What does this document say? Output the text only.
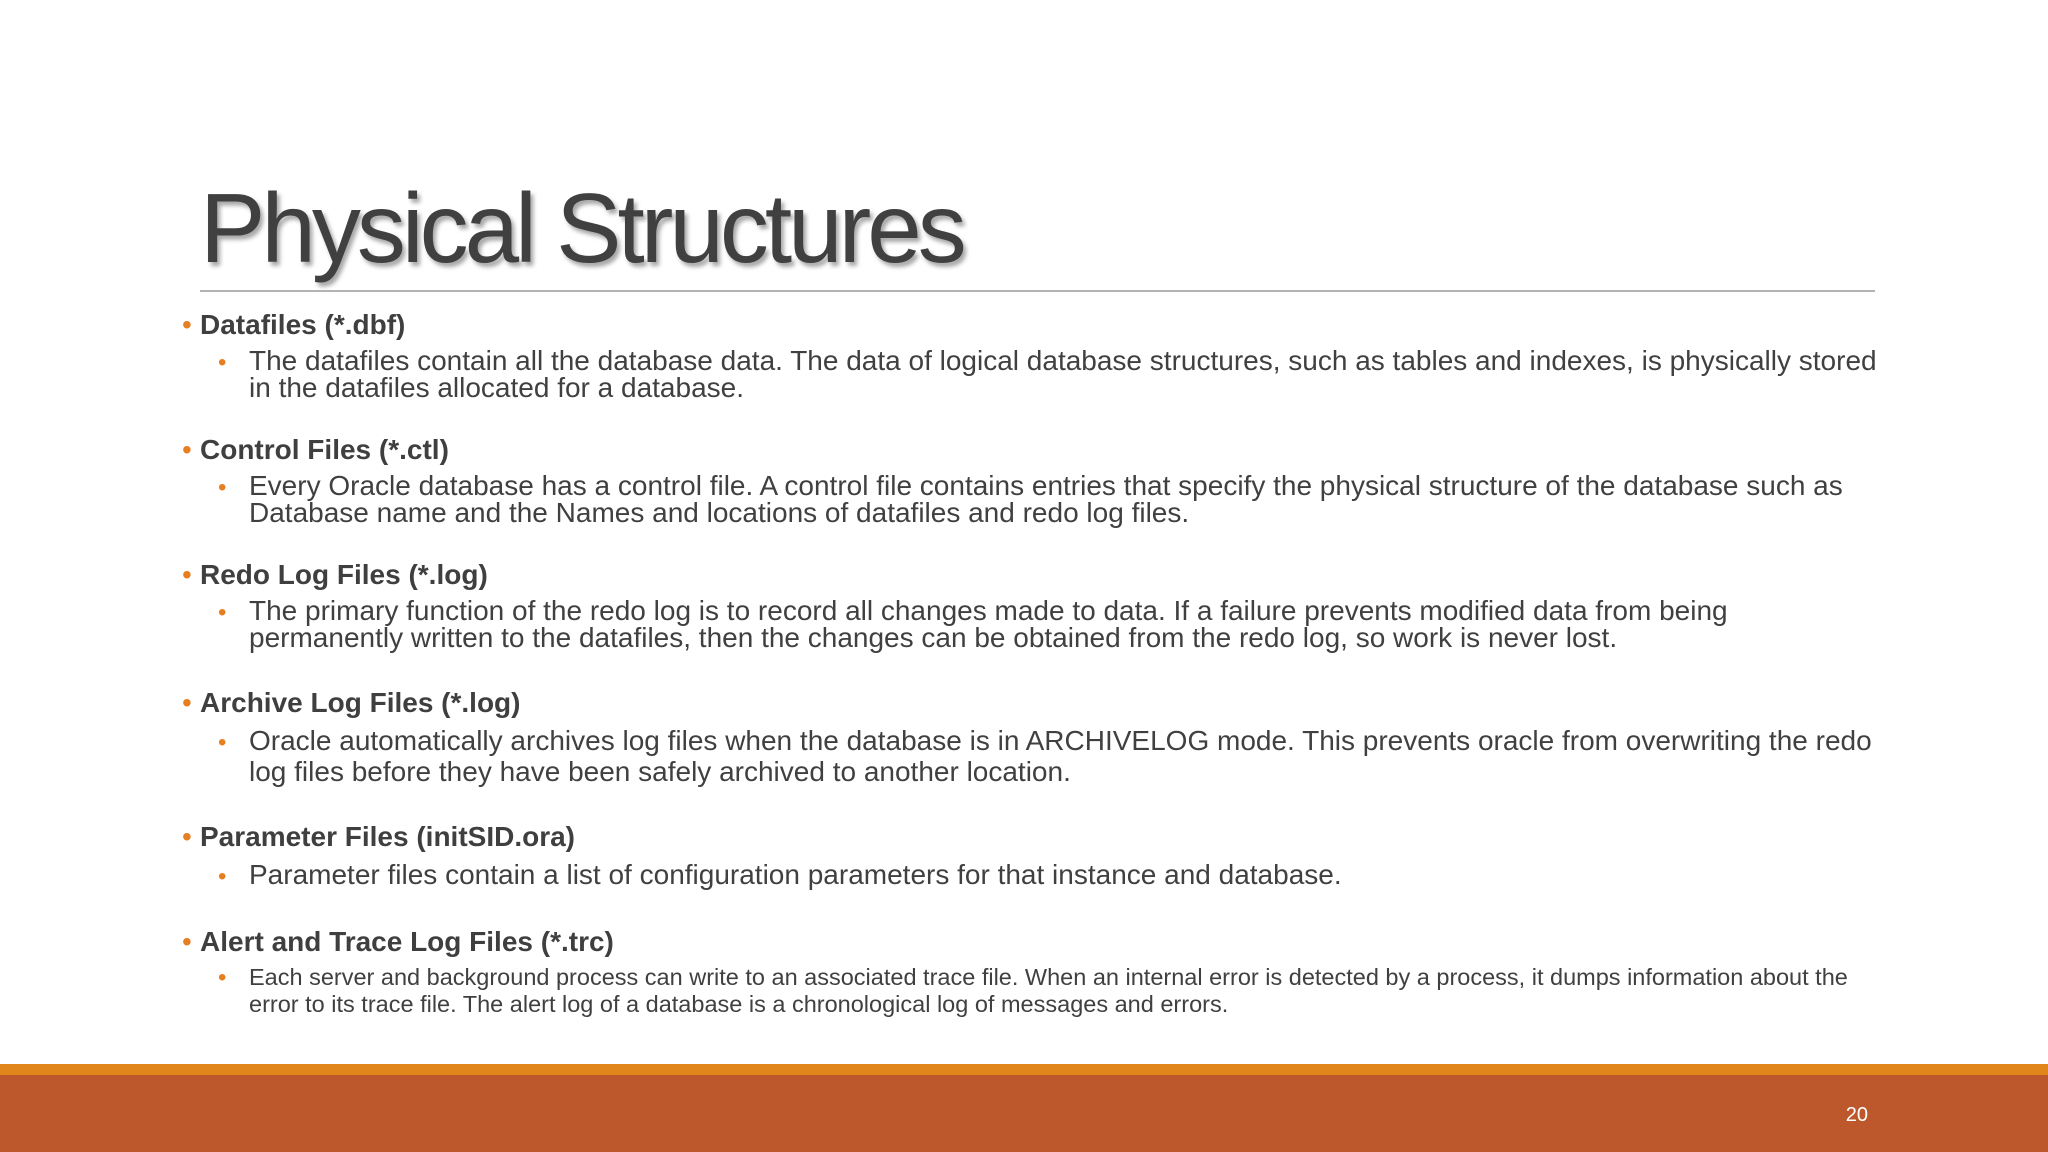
Physical Structures
• Datafiles (*.dbf)
• The datafiles contain all the database data. The data of logical database structures, such as tables and indexes, is physically stored in the datafiles allocated for a database.
• Control Files (*.ctl)
• Every Oracle database has a control file. A control file contains entries that specify the physical structure of the database such as Database name and the Names and locations of datafiles and redo log files.
• Redo Log Files (*.log)
• The primary function of the redo log is to record all changes made to data. If a failure prevents modified data from being permanently written to the datafiles, then the changes can be obtained from the redo log, so work is never lost.
• Archive Log Files (*.log)
• Oracle automatically archives log files when the database is in ARCHIVELOG mode. This prevents oracle from overwriting the redo log files before they have been safely archived to another location.
• Parameter Files (initSID.ora)
• Parameter files contain a list of configuration parameters for that instance and database.
• Alert and Trace Log Files (*.trc)
• Each server and background process can write to an associated trace file. When an internal error is detected by a process, it dumps information about the error to its trace file. The alert log of a database is a chronological log of messages and errors.
20
